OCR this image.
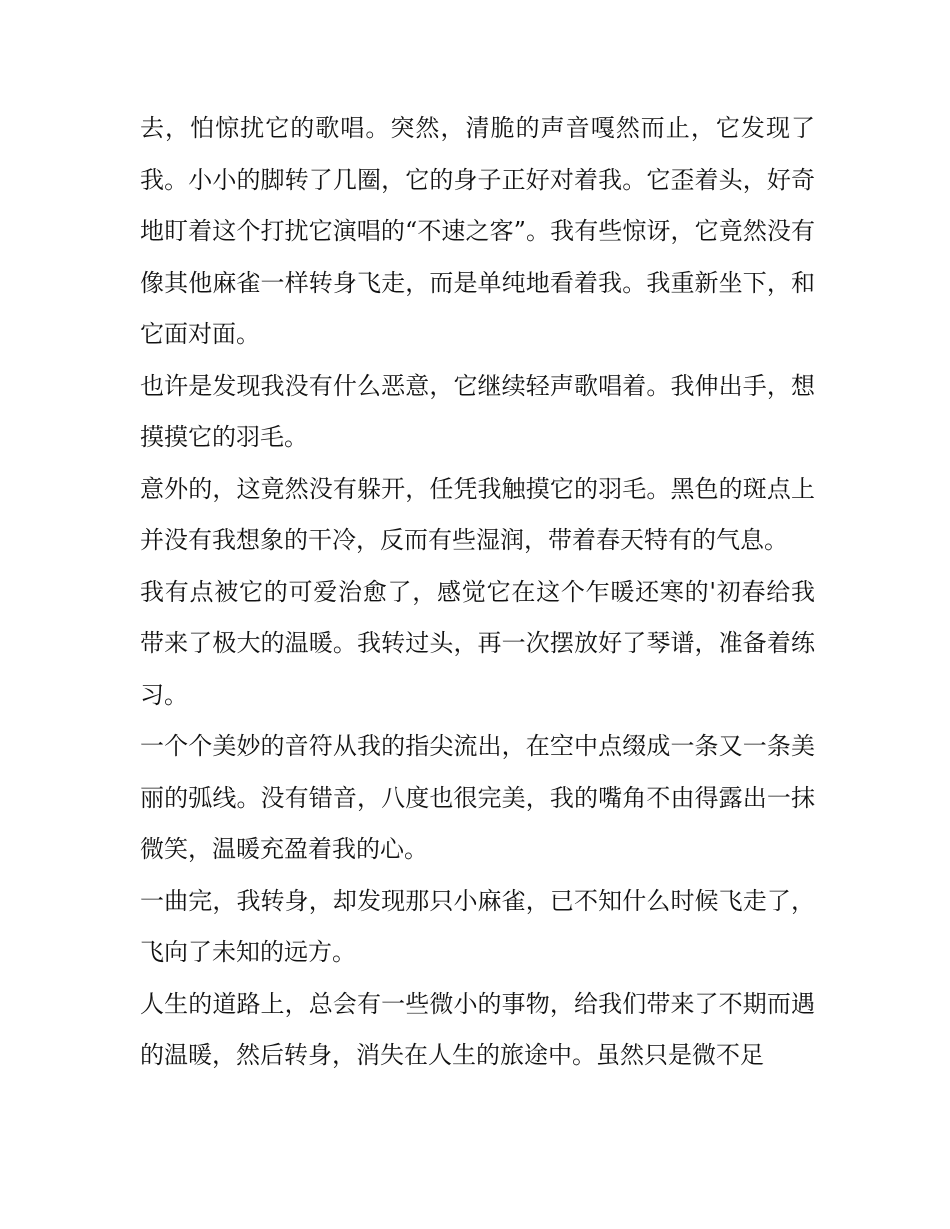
去，怕惊扰它的歌唱。突然，清脆的声音嘎然而止，它发现了我。小小的脚转了几圈，它的身子正好对着我。它歪着头，好奇地盯着这个打扰它演唱的“不速之客”。我有些惊讶，它竟然没有像其他麻雀一样转身飞走，而是单纯地看着我。我重新坐下，和它面对面。

也许是发现我没有什么恶意，它继续轻声歌唱着。我伸出手，想摸摸它的羽毛。

意外的，这竟然没有躲开，任凭我触摸它的羽毛。黑色的斑点上并没有我想象的干冷，反而有些湿润，带着春天特有的气息。

我有点被它的可爱治愈了，感觉它在这个乍暖还寒的'初春给我带来了极大的温暖。我转过头，再一次摆放好了琴谱，准备着练习。

一个个美妙的音符从我的指尖流出，在空中点缀成一条又一条美丽的弧线。没有错音，八度也很完美，我的嘴角不由得露出一抹微笑，温暖充盈着我的心。

一曲完，我转身，却发现那只小麻雀，已不知什么时候飞走了，飞向了未知的远方。

人生的道路上，总会有一些微小的事物，给我们带来了不期而遇的温暖，然后转身，消失在人生的旅途中。虽然只是微不足
